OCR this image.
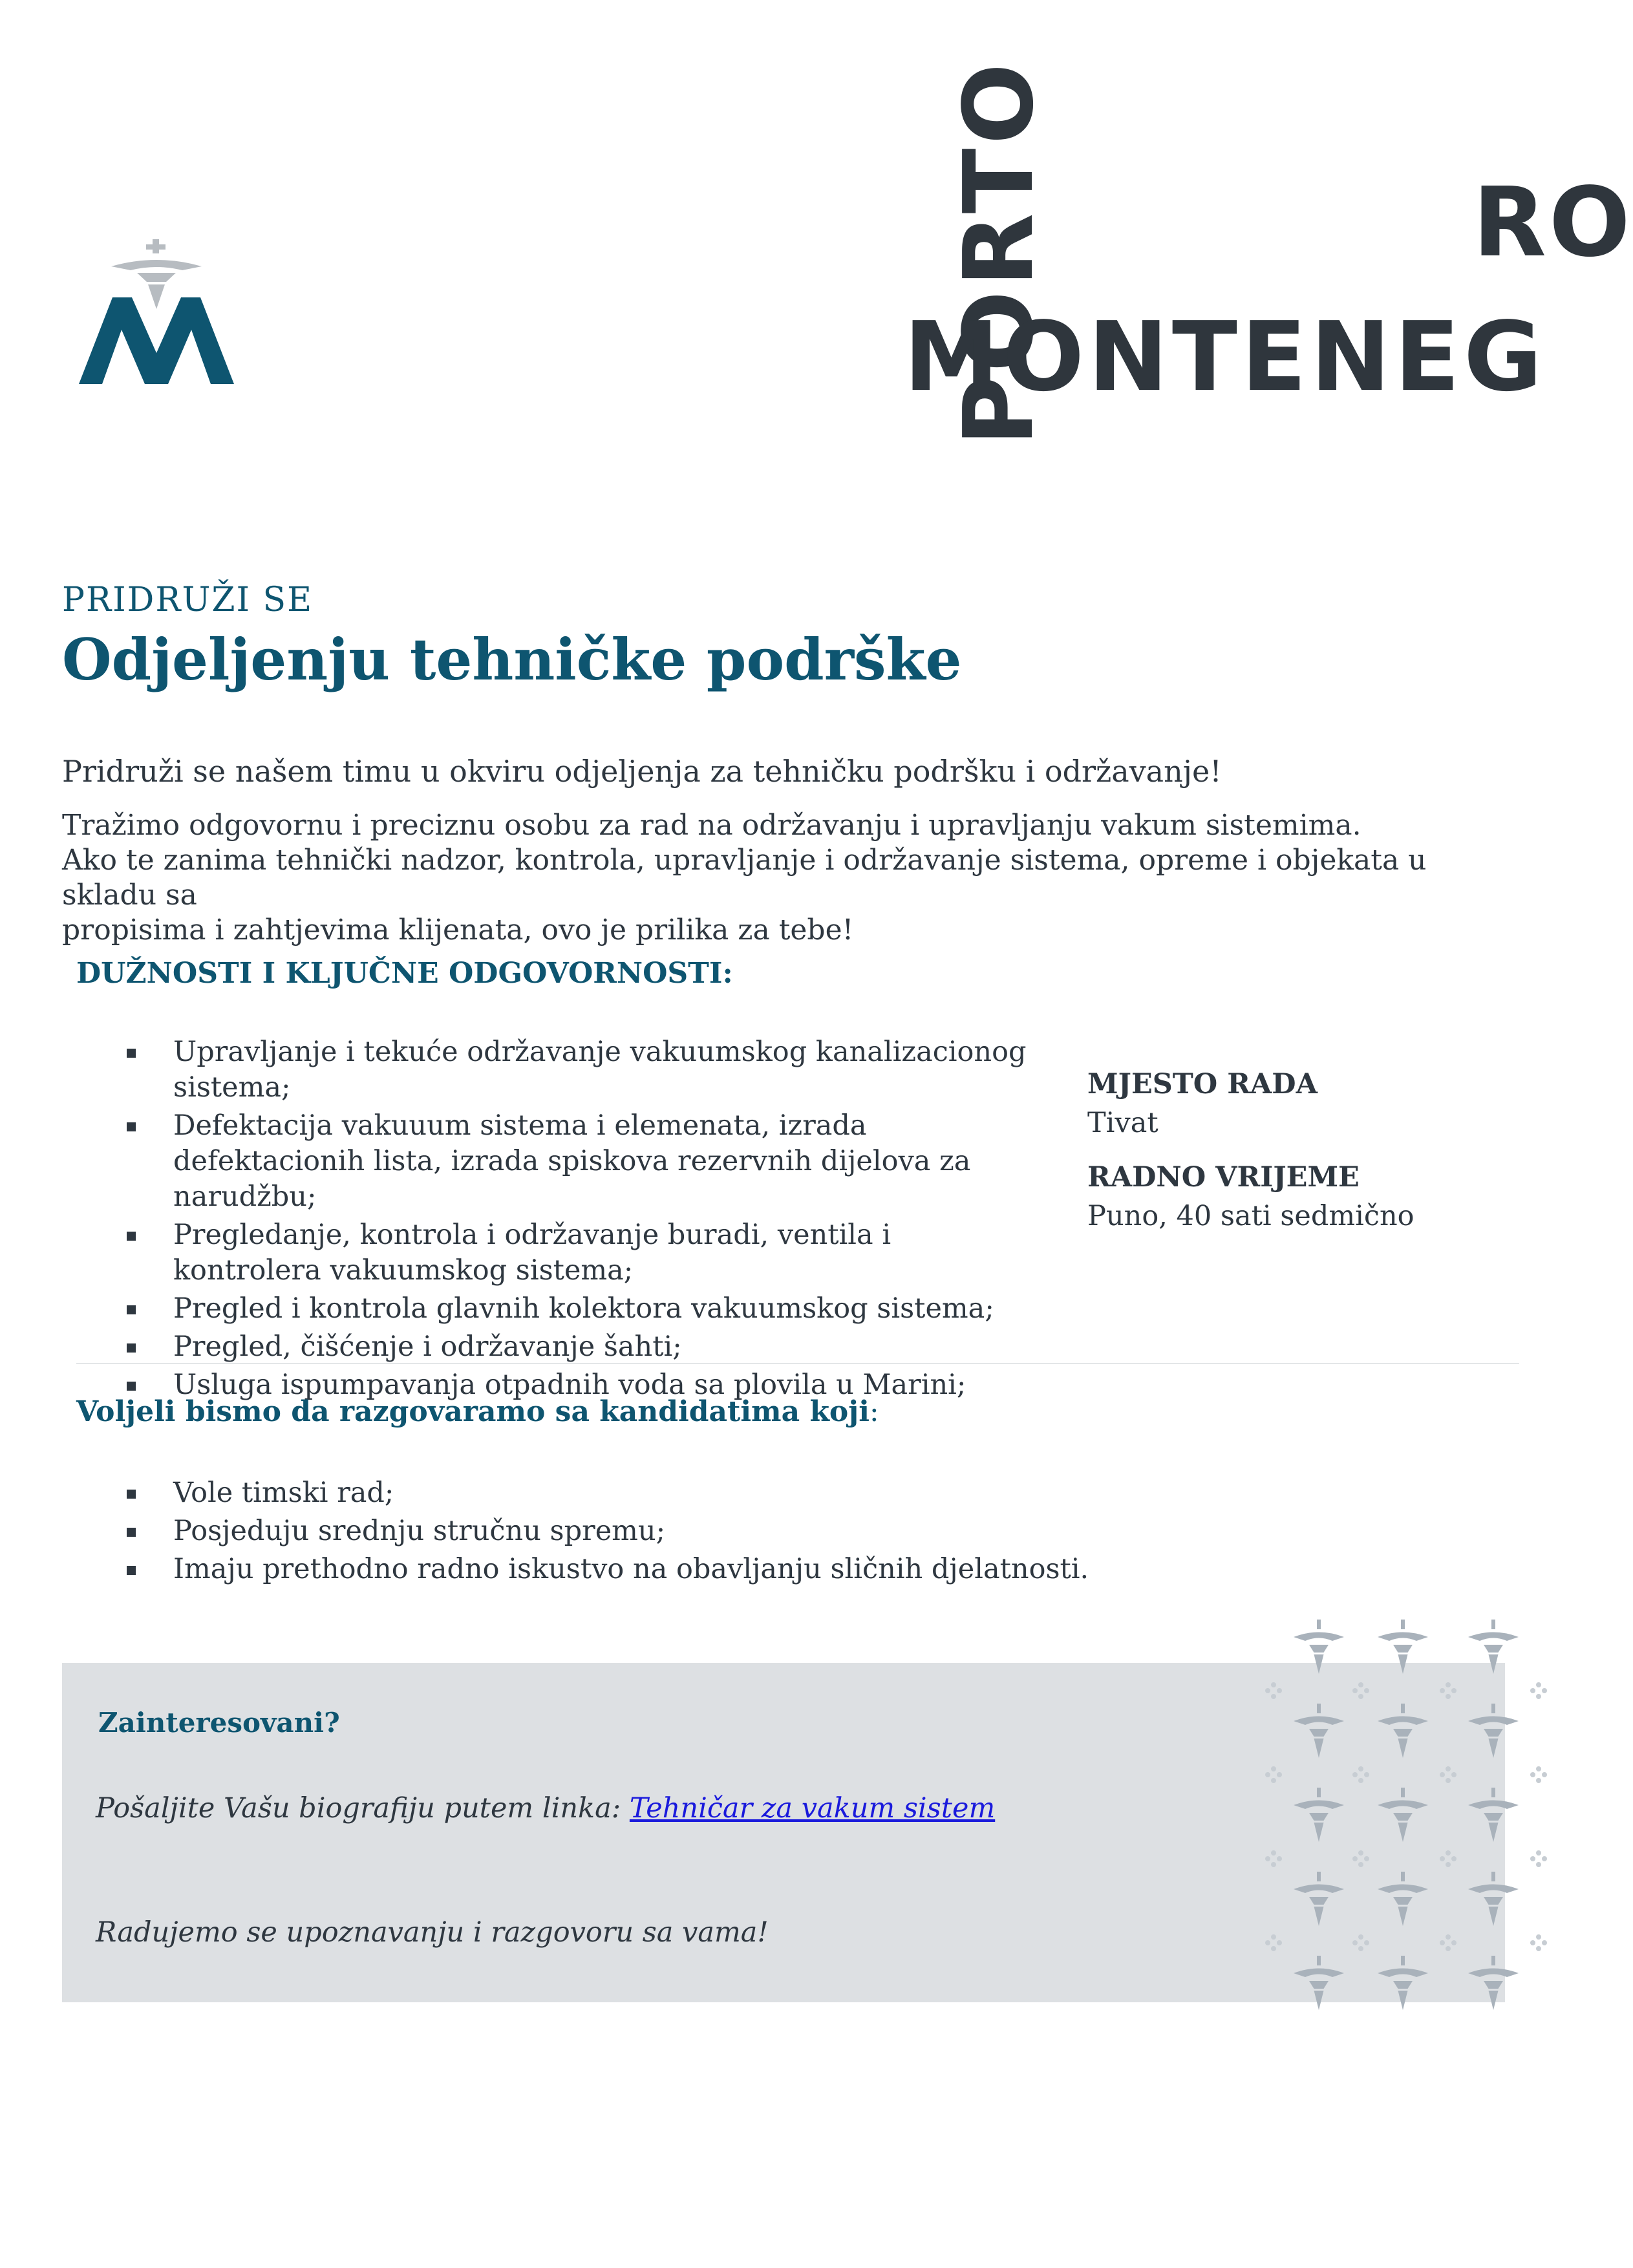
PORTO
MONTENEG
RO
PRIDRUŽI SE
Odjeljenju tehničke podrške
Pridruži se našem timu u okviru odjeljenja za tehničku podršku i održavanje!
Tražimo odgovornu i preciznu osobu za rad na održavanju i upravljanju vakum sistemima.
Ako te zanima tehnički nadzor, kontrola, upravljanje i održavanje sistema, opreme i objekata u skladu sa
propisima i zahtjevima klijenata, ovo je prilika za tebe!
DUŽNOSTI I KLJUČNE ODGOVORNOSTI:
Upravljanje i tekuće održavanje vakuumskog kanalizacionog sistema;
Defektacija vakuuum sistema i elemenata, izrada defektacionih lista, izrada spiskova rezervnih dijelova za narudžbu;
Pregledanje, kontrola i održavanje buradi, ventila i kontrolera vakuumskog sistema;
Pregled i kontrola glavnih kolektora vakuumskog sistema;
Pregled, čišćenje i održavanje šahti;
Usluga ispumpavanja otpadnih voda sa plovila u Marini;
MJESTO RADA
Tivat
RADNO VRIJEME
Puno, 40 sati sedmično
Voljeli bismo da razgovaramo sa kandidatima koji:
Vole timski rad;
Posjeduju srednju stručnu spremu;
Imaju prethodno radno iskustvo na obavljanju sličnih djelatnosti.
Zainteresovani?
Pošaljite Vašu biografiju putem linka: Tehničar za vakum sistem
Radujemo se upoznavanju i razgovoru sa vama!
